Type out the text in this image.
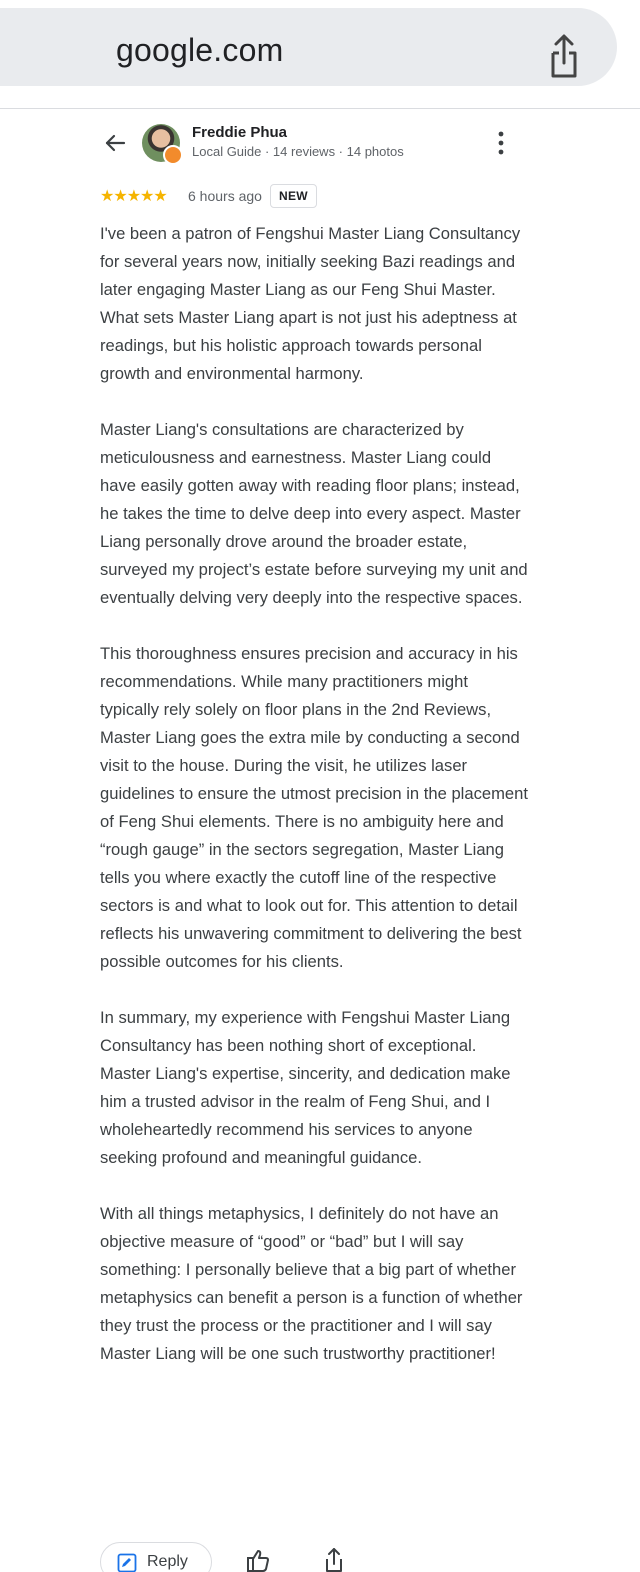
google.com
Freddie Phua
Local Guide · 14 reviews · 14 photos
★★★★★ 6 hours ago	NEW

I've been a patron of Fengshui Master Liang Consultancy for several years now, initially seeking Bazi readings and later engaging Master Liang as our Feng Shui Master. What sets Master Liang apart is not just his adeptness at readings, but his holistic approach towards personal growth and environmental harmony.

Master Liang's consultations are characterized by meticulousness and earnestness. Master Liang could have easily gotten away with reading floor plans; instead, he takes the time to delve deep into every aspect. Master Liang personally drove around the broader estate, surveyed my project’s estate before surveying my unit and eventually delving very deeply into the respective spaces.

This thoroughness ensures precision and accuracy in his recommendations. While many practitioners might typically rely solely on floor plans in the 2nd Reviews, Master Liang goes the extra mile by conducting a second visit to the house. During the visit, he utilizes laser guidelines to ensure the utmost precision in the placement of Feng Shui elements. There is no ambiguity here and “rough gauge” in the sectors segregation, Master Liang tells you where exactly the cutoff line of the respective sectors is and what to look out for. This attention to detail reflects his unwavering commitment to delivering the best possible outcomes for his clients.

In summary, my experience with Fengshui Master Liang Consultancy has been nothing short of exceptional. Master Liang's expertise, sincerity, and dedication make him a trusted advisor in the realm of Feng Shui, and I wholeheartedly recommend his services to anyone seeking profound and meaningful guidance.

With all things metaphysics, I definitely do not have an objective measure of “good” or “bad” but I will say something: I personally believe that a big part of whether metaphysics can benefit a person is a function of whether they trust the process or the practitioner and I will say Master Liang will be one such trustworthy practitioner!

Reply
